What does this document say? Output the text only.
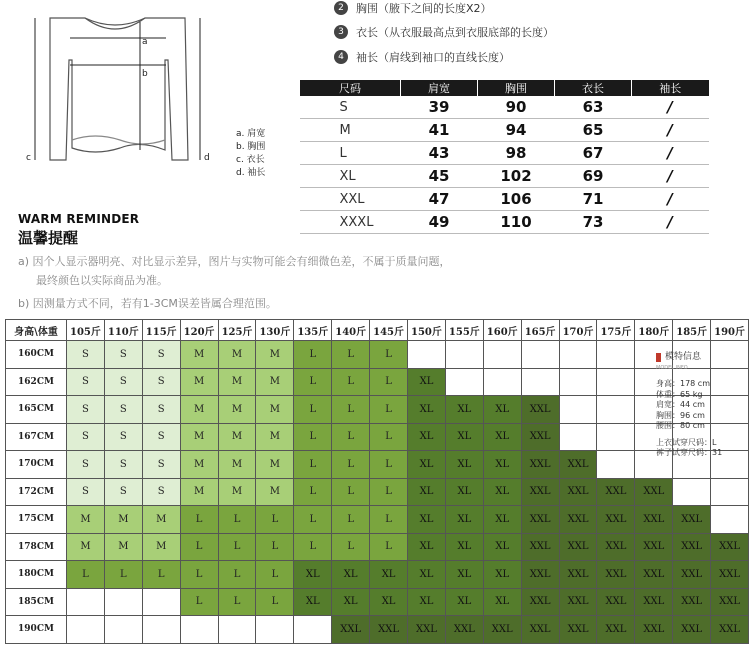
a
b
c	d
a. 肩宽
b. 胸围
c. 衣长
d. 袖长
2	胸围（腋下之间的长度X2）
3	衣长（从衣服最高点到衣服底部的长度）
4	袖长（肩线到袖口的直线长度）
尺码	肩宽	胸围	衣长	袖长
S	39	90	63	/
M	41	94	65	/
L	43	98	67	/
XL	45	102	69	/
XXL	47	106	71	/
XXXL	49	110	73	/
WARM REMINDER
温馨提醒
a) 因个人显示器明亮、对比显示差异，图片与实物可能会有细微色差，不属于质量问题，
最终颜色以实际商品为准。
b) 因测量方式不同，若有1-3CM误差皆属合理范围。
身高\体重	105斤	110斤	115斤	120斤	125斤	130斤	135斤	140斤	145斤	150斤	155斤	160斤	165斤	170斤	175斤	180斤	185斤	190斤
160CM	S	S	S	M	M	M	L	L	L									
162CM	S	S	S	M	M	M	L	L	L	XL								
165CM	S	S	S	M	M	M	L	L	L	XL	XL	XL	XXL					
167CM	S	S	S	M	M	M	L	L	L	XL	XL	XL	XXL					
170CM	S	S	S	M	M	M	L	L	L	XL	XL	XL	XXL	XXL				
172CM	S	S	S	M	M	M	L	L	L	XL	XL	XL	XXL	XXL	XXL	XXL		
175CM	M	M	M	L	L	L	L	L	L	XL	XL	XL	XXL	XXL	XXL	XXL	XXL	
178CM	M	M	M	L	L	L	L	L	L	XL	XL	XL	XXL	XXL	XXL	XXL	XXL	XXL
180CM	L	L	L	L	L	L	XL	XL	XL	XL	XL	XL	XXL	XXL	XXL	XXL	XXL	XXL
185CM				L	L	L	XL	XL	XL	XL	XL	XL	XXL	XXL	XXL	XXL	XXL	XXL
190CM								XXL	XXL	XXL	XXL	XXL	XXL	XXL	XXL	XXL	XXL	XXL
模特信息
MODEL INFO
身高：178 cm
体重：65 kg
肩宽：44 cm
胸围：96 cm
腰围：80 cm
上衣试穿尺码：L
裤子试穿尺码：31
